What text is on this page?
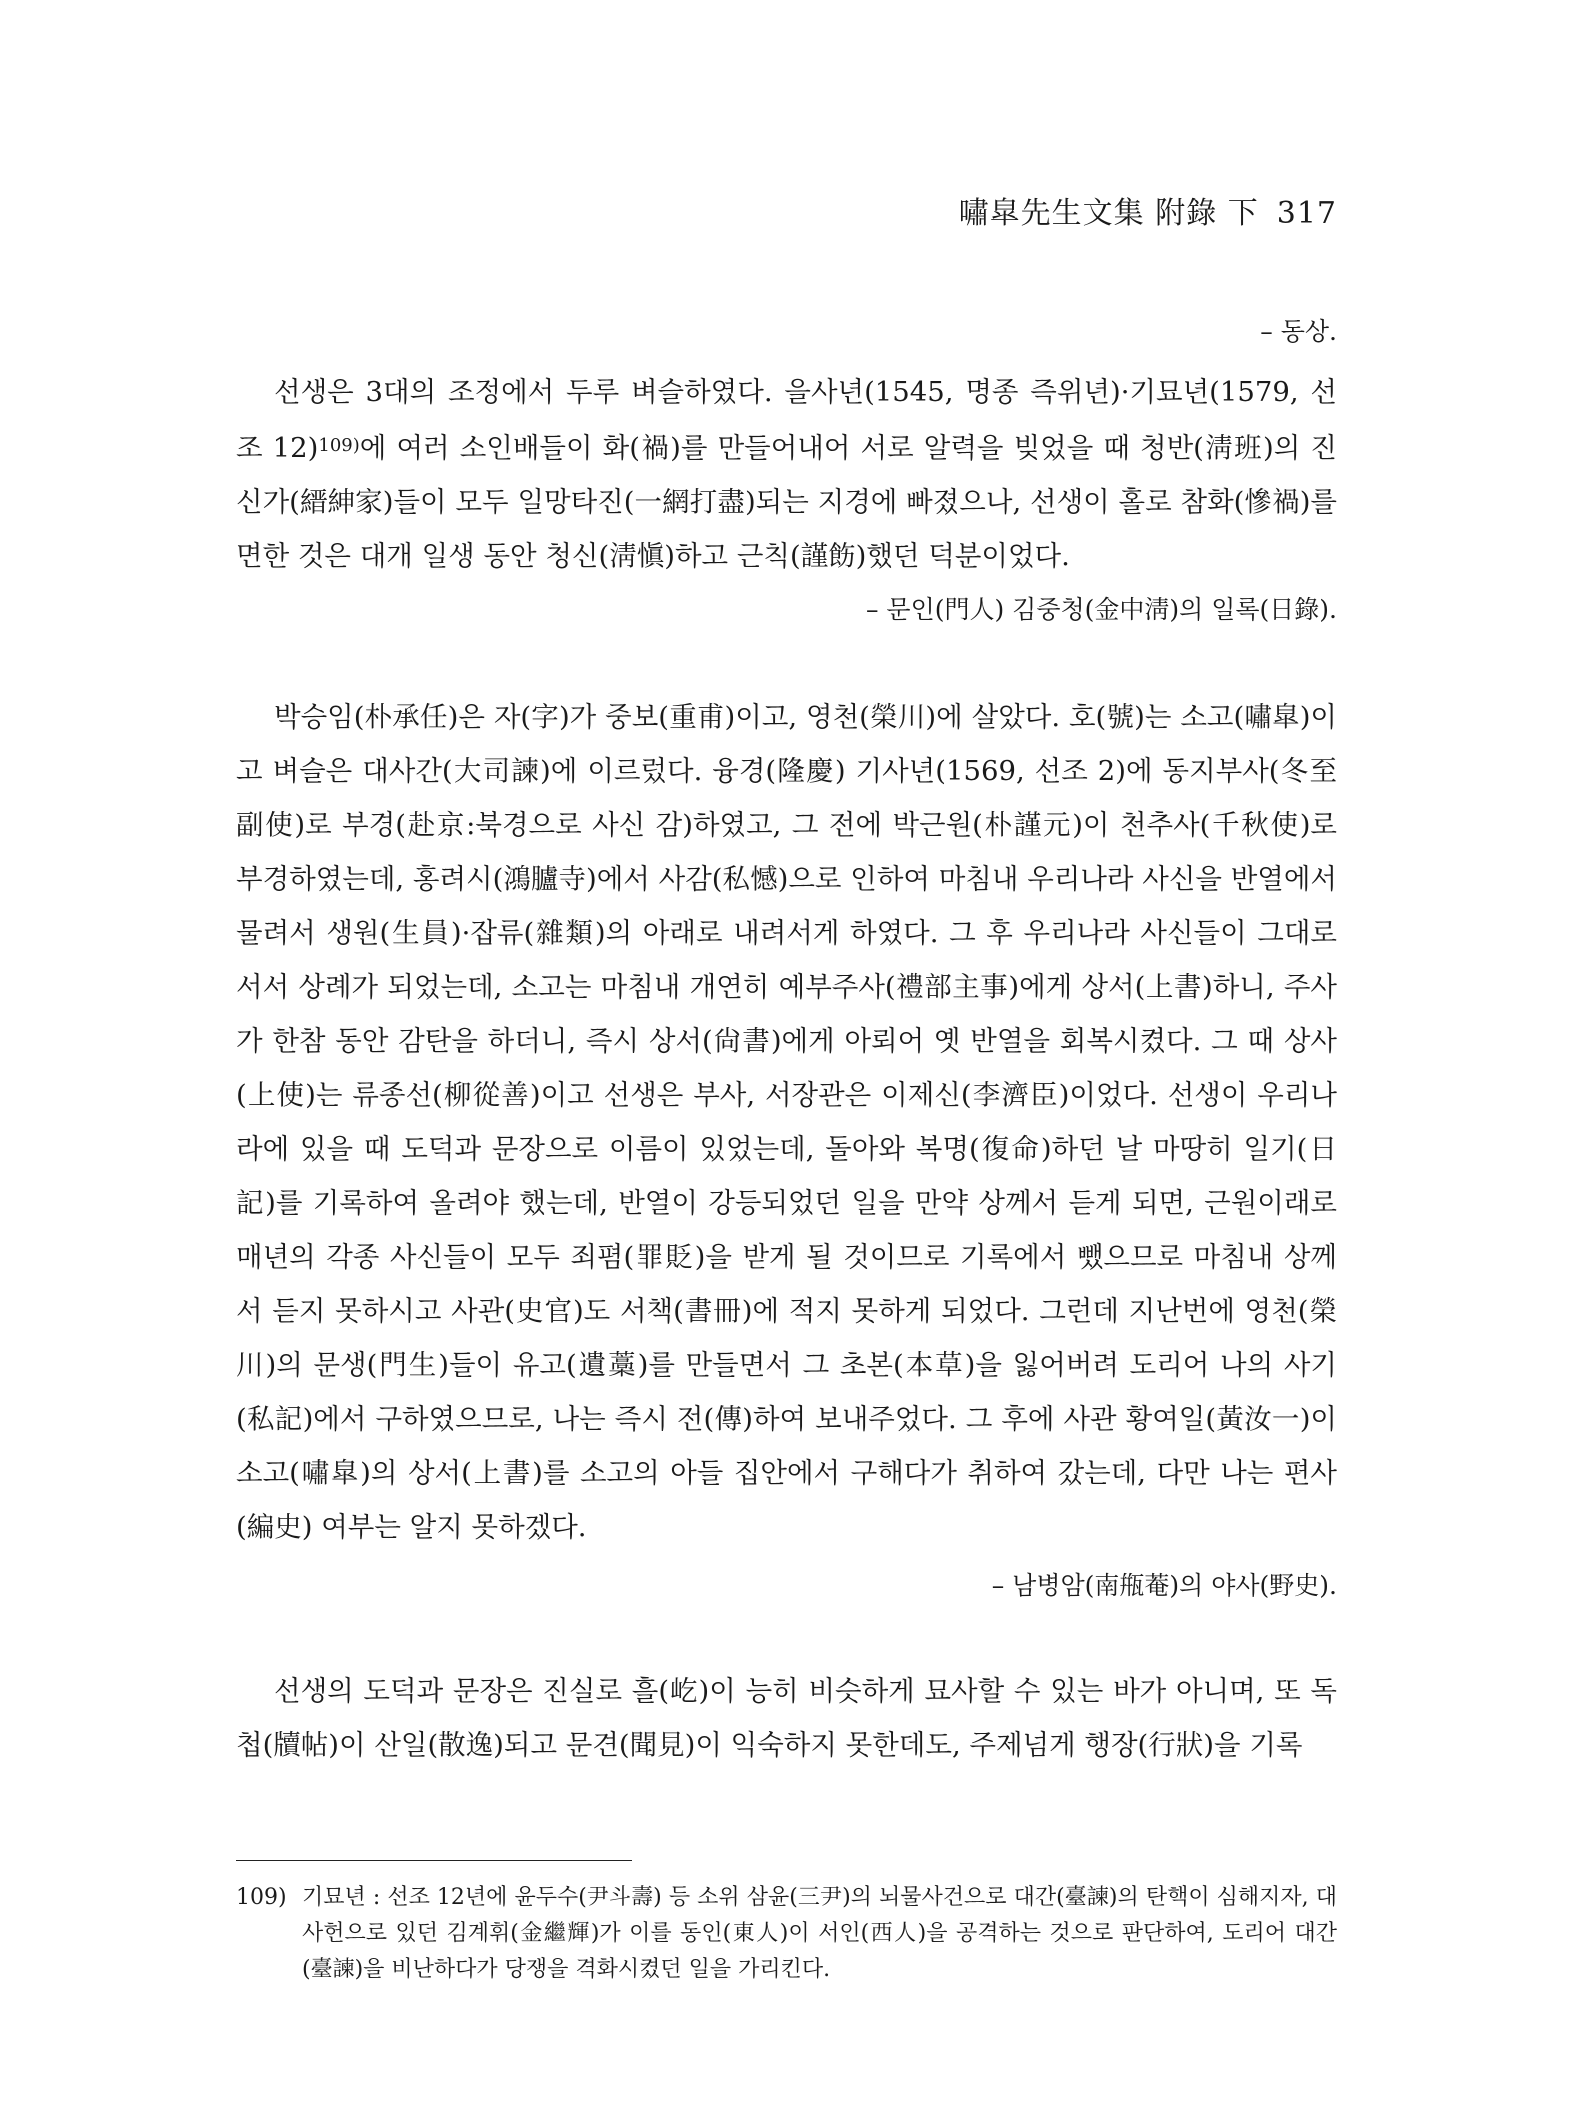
嘯皐先生文集 附錄 下 317
– 동상.

선생은 3대의 조정에서 두루 벼슬하였다. 을사년(1545, 명종 즉위년)·기묘년(1579, 선조 12)$^{109)}$에 여러 소인배들이 화(禍)를 만들어내어 서로 알력을 빚었을 때 청반(淸班)의 진신가(縉紳家)들이 모두 일망타진(一網打盡)되는 지경에 빠졌으나, 선생이 홀로 참화(慘禍)를 면한 것은 대개 일생 동안 청신(淸愼)하고 근칙(謹飭)했던 덕분이었다.

– 문인(門人) 김중청(金中淸)의 일록(日錄).

박승임(朴承任)은 자(字)가 중보(重甫)이고, 영천(榮川)에 살았다. 호(號)는 소고(嘯皐)이고 벼슬은 대사간(大司諫)에 이르렀다. 융경(隆慶) 기사년(1569, 선조 2)에 동지부사(冬至副使)로 부경(赴京:북경으로 사신 감)하였고, 그 전에 박근원(朴謹元)이 천추사(千秋使)로 부경하였는데, 홍려시(鴻臚寺)에서 사감(私憾)으로 인하여 마침내 우리나라 사신을 반열에서 물려서 생원(生員)·잡류(雜類)의 아래로 내려서게 하였다. 그 후 우리나라 사신들이 그대로 서서 상례가 되었는데, 소고는 마침내 개연히 예부주사(禮部主事)에게 상서(上書)하니, 주사가 한참 동안 감탄을 하더니, 즉시 상서(尙書)에게 아뢰어 옛 반열을 회복시켰다. 그 때 상사(上使)는 류종선(柳從善)이고 선생은 부사, 서장관은 이제신(李濟臣)이었다. 선생이 우리나라에 있을 때 도덕과 문장으로 이름이 있었는데, 돌아와 복명(復命)하던 날 마땅히 일기(日記)를 기록하여 올려야 했는데, 반열이 강등되었던 일을 만약 상께서 듣게 되면, 근원이래로 매년의 각종 사신들이 모두 죄폄(罪貶)을 받게 될 것이므로 기록에서 뺐으므로 마침내 상께서 듣지 못하시고 사관(史官)도 서책(書冊)에 적지 못하게 되었다. 그런데 지난번에 영천(榮川)의 문생(門生)들이 유고(遺藁)를 만들면서 그 초본(本草)을 잃어버려 도리어 나의 사기(私記)에서 구하였으므로, 나는 즉시 전(傳)하여 보내주었다. 그 후에 사관 황여일(黃汝一)이 소고(嘯皐)의 상서(上書)를 소고의 아들 집안에서 구해다가 취하여 갔는데, 다만 나는 편사(編史) 여부는 알지 못하겠다.

– 남병암(南甁菴)의 야사(野史).

선생의 도덕과 문장은 진실로 흘(屹)이 능히 비슷하게 묘사할 수 있는 바가 아니며, 또 독첩(牘帖)이 산일(散逸)되고 문견(聞見)이 익숙하지 못한데도, 주제넘게 행장(行狀)을 기록

109) 기묘년 : 선조 12년에 윤두수(尹斗壽) 등 소위 삼윤(三尹)의 뇌물사건으로 대간(臺諫)의 탄핵이 심해지자, 대사헌으로 있던 김계휘(金繼輝)가 이를 동인(東人)이 서인(西人)을 공격하는 것으로 판단하여, 도리어 대간(臺諫)을 비난하다가 당쟁을 격화시켰던 일을 가리킨다.
